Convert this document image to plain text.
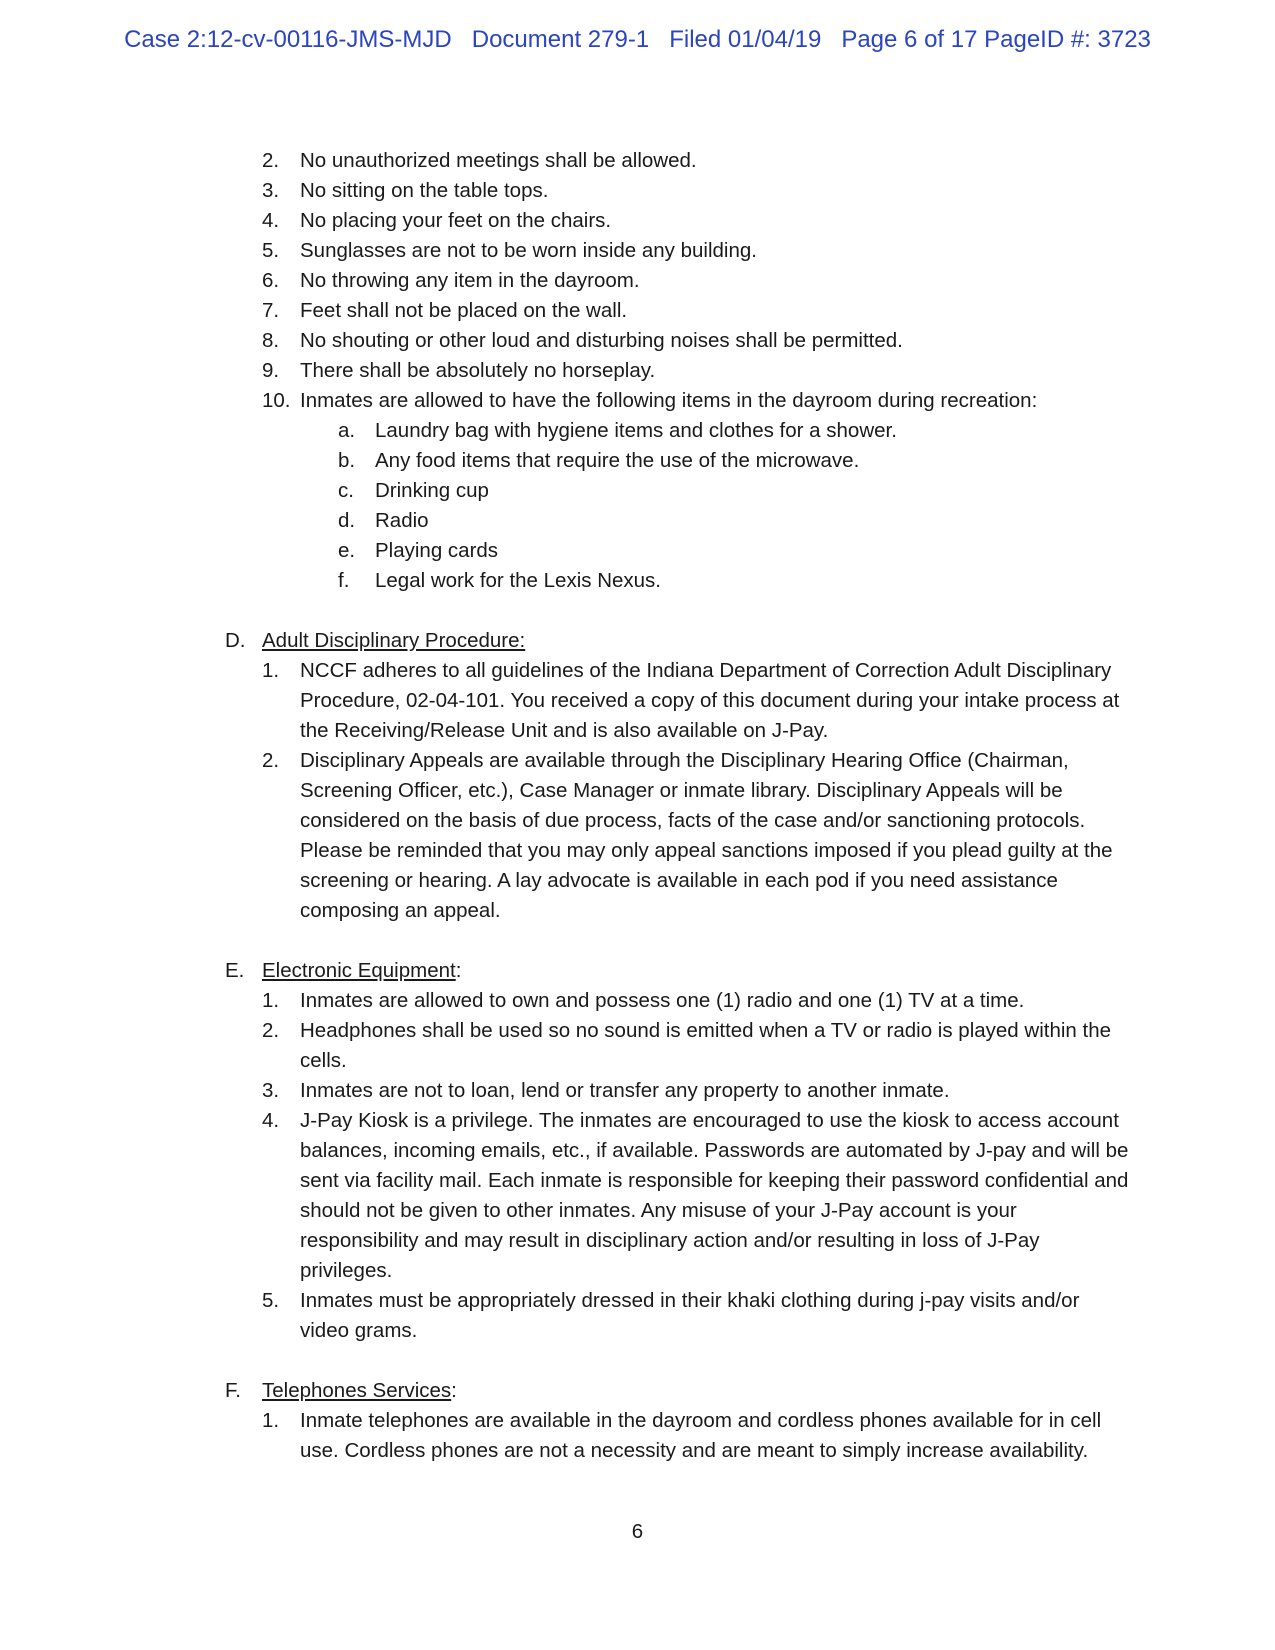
Case 2:12-cv-00116-JMS-MJD Document 279-1 Filed 01/04/19 Page 6 of 17 PageID #: 3723
2.	No unauthorized meetings shall be allowed.
3.	No sitting on the table tops.
4.	No placing your feet on the chairs.
5.	Sunglasses are not to be worn inside any building.
6.	No throwing any item in the dayroom.
7.	Feet shall not be placed on the wall.
8.	No shouting or other loud and disturbing noises shall be permitted.
9.	There shall be absolutely no horseplay.
10. Inmates are allowed to have the following items in the dayroom during recreation:
a. Laundry bag with hygiene items and clothes for a shower.
b. Any food items that require the use of the microwave.
c.	Drinking cup
d. Radio
e. Playing cards
f.	Legal work for the Lexis Nexus.
D. Adult Disciplinary Procedure:
1.	NCCF adheres to all guidelines of the Indiana Department of Correction Adult Disciplinary Procedure, 02-04-101. You received a copy of this document during your intake process at the Receiving/Release Unit and is also available on J-Pay.
2.	Disciplinary Appeals are available through the Disciplinary Hearing Office (Chairman, Screening Officer, etc.), Case Manager or inmate library. Disciplinary Appeals will be considered on the basis of due process, facts of the case and/or sanctioning protocols. Please be reminded that you may only appeal sanctions imposed if you plead guilty at the screening or hearing. A lay advocate is available in each pod if you need assistance composing an appeal.
E. Electronic Equipment:
1.	Inmates are allowed to own and possess one (1) radio and one (1) TV at a time.
2.	Headphones shall be used so no sound is emitted when a TV or radio is played within the cells.
3.	Inmates are not to loan, lend or transfer any property to another inmate.
4.	J-Pay Kiosk is a privilege. The inmates are encouraged to use the kiosk to access account balances, incoming emails, etc., if available. Passwords are automated by J-pay and will be sent via facility mail. Each inmate is responsible for keeping their password confidential and should not be given to other inmates. Any misuse of your J-Pay account is your responsibility and may result in disciplinary action and/or resulting in loss of J-Pay privileges.
5.	Inmates must be appropriately dressed in their khaki clothing during j-pay visits and/or video grams.
F. Telephones Services:
1.	Inmate telephones are available in the dayroom and cordless phones available for in cell use. Cordless phones are not a necessity and are meant to simply increase availability.
6
